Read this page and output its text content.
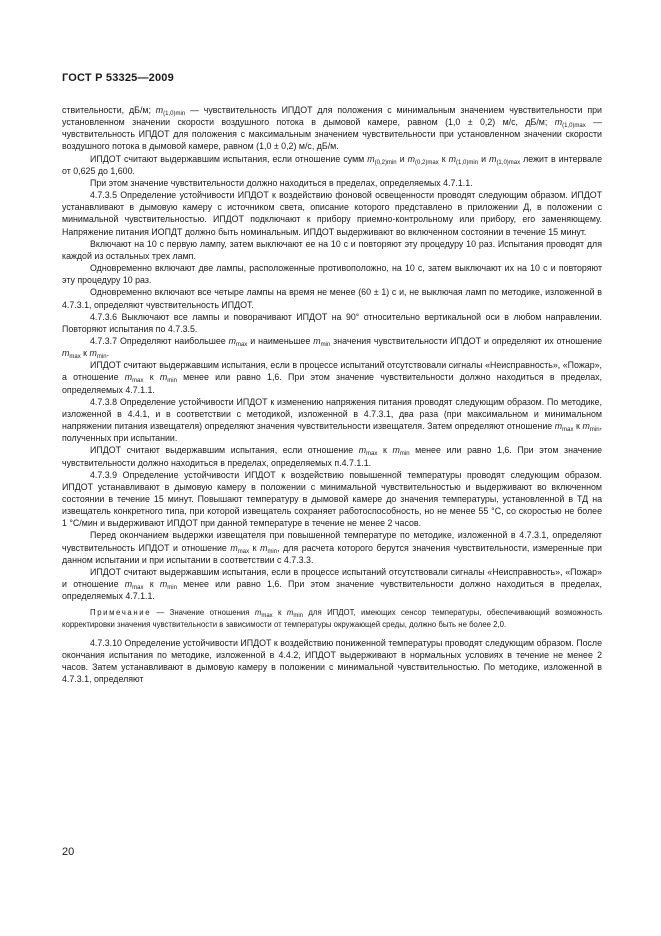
ГОСТ Р 53325—2009

ствительности, дБ/м; $m_{(1,0)min}$ — чувствительность ИПДОТ для положения с минимальным значением чувствительности при установленном значении скорости воздушного потока в дымовой камере, равном (1,0 ± 0,2) м/с, дБ/м; $m_{(1,0)max}$ — чувствительность ИПДОТ для положения с максимальным значением чувствительности при установленном значении скорости воздушного потока в дымовой камере, равном (1,0 ± 0,2) м/с, дБ/м.

ИПДОТ считают выдержавшим испытания, если отношение сумм $m_{(0,2)min}$ и $m_{(0,2)max}$ к $m_{(1,0)min}$ и $m_{(1,0)max}$ лежит в интервале от 0,625 до 1,600.

При этом значение чувствительности должно находиться в пределах, определяемых 4.7.1.1.

4.7.3.5 Определение устойчивости ИПДОТ к воздействию фоновой освещенности проводят следующим образом. ИПДОТ устанавливают в дымовую камеру с источником света, описание которого представлено в приложении Д, в положении с минимальной чувствительностью. ИПДОТ подключают к прибору приемно-контрольному или прибору, его заменяющему. Напряжение питания ИОПДТ должно быть номинальным. ИПДОТ выдерживают во включенном состоянии в течение 15 минут.

Включают на 10 с первую лампу, затем выключают ее на 10 с и повторяют эту процедуру 10 раз. Испытания проводят для каждой из остальных трех ламп.

Одновременно включают две лампы, расположенные противоположно, на 10 с, затем выключают их на 10 с и повторяют эту процедуру 10 раз.

Одновременно включают все четыре лампы на время не менее (60 ± 1) с и, не выключая ламп по методике, изложенной в 4.7.3.1, определяют чувствительность ИПДОТ.

4.7.3.6 Выключают все лампы и поворачивают ИПДОТ на 90° относительно вертикальной оси в любом направлении. Повторяют испытания по 4.7.3.5.

4.7.3.7 Определяют наибольшее $m_{max}$ и наименьшее $m_{min}$ значения чувствительности ИПДОТ и определяют их отношение $m_{max}$ к $m_{min}$.

ИПДОТ считают выдержавшим испытания, если в процессе испытаний отсутствовали сигналы «Неисправность», «Пожар», а отношение $m_{max}$ к $m_{min}$ менее или равно 1,6. При этом значение чувствительности должно находиться в пределах, определяемых 4.7.1.1.

4.7.3.8 Определение устойчивости ИПДОТ к изменению напряжения питания проводят следующим образом. По методике, изложенной в 4.4.1, и в соответствии с методикой, изложенной в 4.7.3.1, два раза (при максимальном и минимальном напряжении питания извещателя) определяют значения чувствительности извещателя. Затем определяют отношение $m_{max}$ к $m_{min}$, полученных при испытании.

ИПДОТ считают выдержавшим испытания, если отношение $m_{max}$ к $m_{min}$ менее или равно 1,6. При этом значение чувствительности должно находиться в пределах, определяемых п.4.7.1.1.

4.7.3.9 Определение устойчивости ИПДОТ к воздействию повышенной температуры проводят следующим образом. ИПДОТ устанавливают в дымовую камеру в положении с минимальной чувствительностью и выдерживают во включенном состоянии в течение 15 минут. Повышают температуру в дымовой камере до значения температуры, установленной в ТД на извещатель конкретного типа, при которой извещатель сохраняет работоспособность, но не менее 55 °С, со скоростью не более 1 °С/мин и выдерживают ИПДОТ при данной температуре в течение не менее 2 часов.

Перед окончанием выдержки извещателя при повышенной температуре по методике, изложенной в 4.7.3.1, определяют чувствительность ИПДОТ и отношение $m_{max}$ к $m_{min}$, для расчета которого берутся значения чувствительности, измеренные при данном испытании и при испытании в соответствии с 4.7.3.3.

ИПДОТ считают выдержавшим испытания, если в процессе испытаний отсутствовали сигналы «Неисправность», «Пожар» и отношение $m_{max}$ к $m_{min}$ менее или равно 1,6. При этом значение чувствительности должно находиться в пределах, определяемых 4.7.1.1.

Примечание — Значение отношения $m_{max}$ к $m_{min}$ для ИПДОТ, имеющих сенсор температуры, обеспечивающий возможность корректировки значения чувствительности в зависимости от температуры окружающей среды, должно быть не более 2,0.

4.7.3.10 Определение устойчивости ИПДОТ к воздействию пониженной температуры проводят следующим образом. После окончания испытания по методике, изложенной в 4.4.2, ИПДОТ выдерживают в нормальных условиях в течение не менее 2 часов. Затем устанавливают в дымовую камеру в положении с минимальной чувствительностью. По методике, изложенной в 4.7.3.1, определяют

20
